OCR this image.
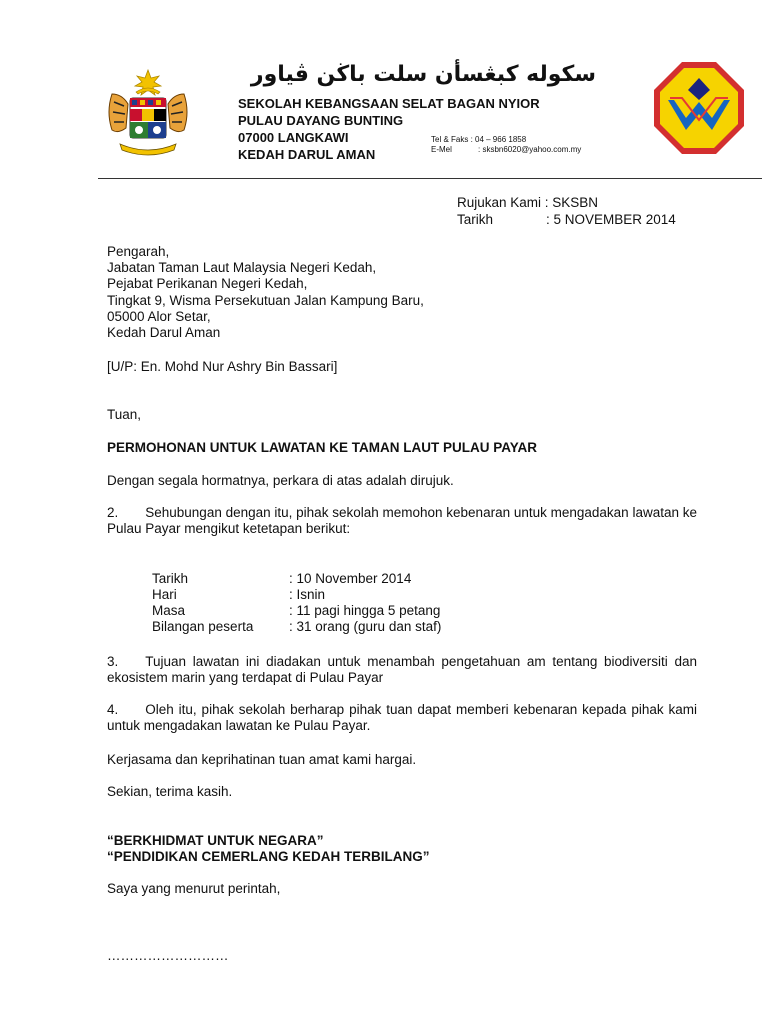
سکوله کبڠسأن سلت باڬن ڤياور
SEKOLAH KEBANGSAAN SELAT BAGAN NYIOR
PULAU DAYANG BUNTING
07000 LANGKAWI
KEDAH DARUL AMAN
Tel & Faks : 04 – 966 1858
E-Mel	: sksbn6020@yahoo.com.my
Rujukan Kami : SKSBN
Tarikh	: 5 NOVEMBER 2014
Pengarah,
Jabatan Taman Laut Malaysia Negeri Kedah,
Pejabat Perikanan Negeri Kedah,
Tingkat 9, Wisma Persekutuan Jalan Kampung Baru,
05000 Alor Setar,
Kedah Darul Aman
[U/P: En. Mohd Nur Ashry Bin Bassari]
Tuan,
PERMOHONAN UNTUK LAWATAN KE TAMAN LAUT PULAU PAYAR
Dengan segala hormatnya, perkara di atas adalah dirujuk.
2.  Sehubungan dengan itu, pihak sekolah memohon kebenaran untuk mengadakan lawatan ke Pulau Payar mengikut ketetapan berikut:
Tarikh	: 10 November 2014
Hari	: Isnin
Masa	: 11 pagi hingga 5 petang
Bilangan peserta	: 31 orang (guru dan staf)
3.  Tujuan lawatan ini diadakan untuk menambah pengetahuan am tentang biodiversiti dan ekosistem marin yang terdapat di Pulau Payar
4.  Oleh itu, pihak sekolah berharap pihak tuan dapat memberi kebenaran kepada pihak kami untuk mengadakan lawatan ke Pulau Payar.
Kerjasama dan keprihatinan tuan amat kami hargai.
Sekian, terima kasih.
“BERKHIDMAT UNTUK NEGARA”
“PENDIDIKAN CEMERLANG KEDAH TERBILANG”
Saya yang menurut perintah,
………………………
